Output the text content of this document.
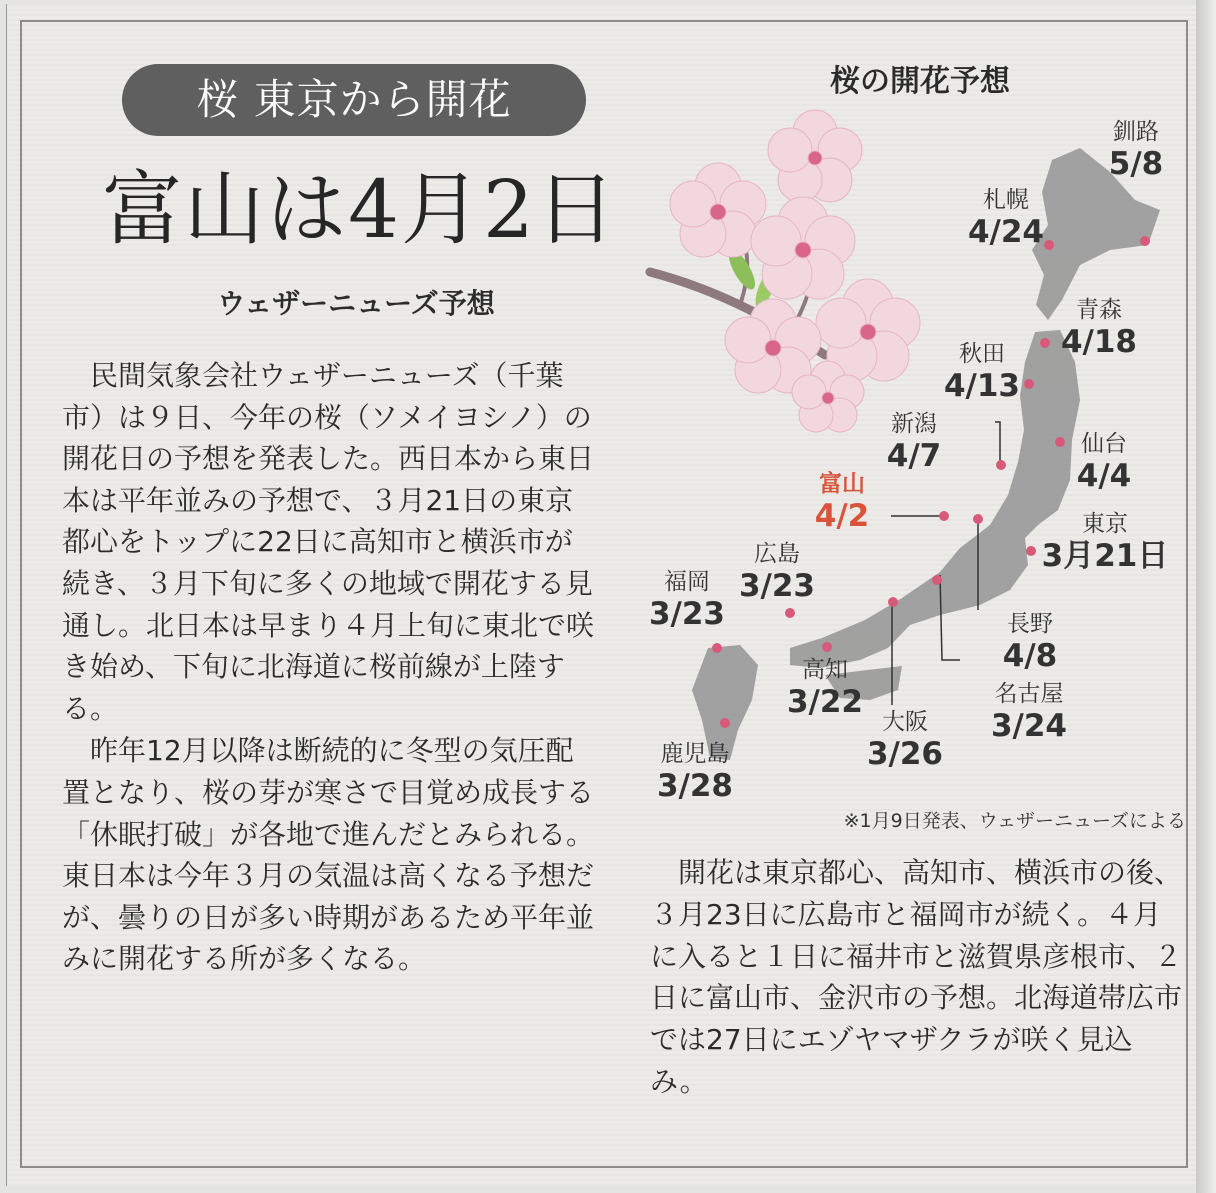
桜 東京から開花
富山は4月2日
ウェザーニューズ予想

民間気象会社ウェザーニューズ（千葉市）は９日、今年の桜（ソメイヨシノ）の開花日の予想を発表した。西日本から東日本は平年並みの予想で、３月21日の東京都心をトップに22日に高知市と横浜市が続き、３月下旬に多くの地域で開花する見通し。北日本は早まり４月上旬に東北で咲き始め、下旬に北海道に桜前線が上陸する。

昨年12月以降は断続的に冬型の気圧配置となり、桜の芽が寒さで目覚め成長する「休眠打破」が各地で進んだとみられる。東日本は今年３月の気温は高くなる予想だが、曇りの日が多い時期があるため平年並みに開花する所が多くなる。

桜の開花予想
釧路
5/8
札幌
4/24
青森
4/18
秋田
4/13
新潟
4/7	仙台
4/4
富山
4/2	東京
3月21日
広島
3/23
福岡
3/23	長野
4/8
高知
3/22	名古屋
3/24
大阪
3/26
鹿児島
3/28
※1月9日発表、ウェザーニューズによる

開花は東京都心、高知市、横浜市の後、３月23日に広島市と福岡市が続く。４月に入ると１日に福井市と滋賀県彦根市、２日に富山市、金沢市の予想。北海道帯広市では27日にエゾヤマザクラが咲く見込み。
